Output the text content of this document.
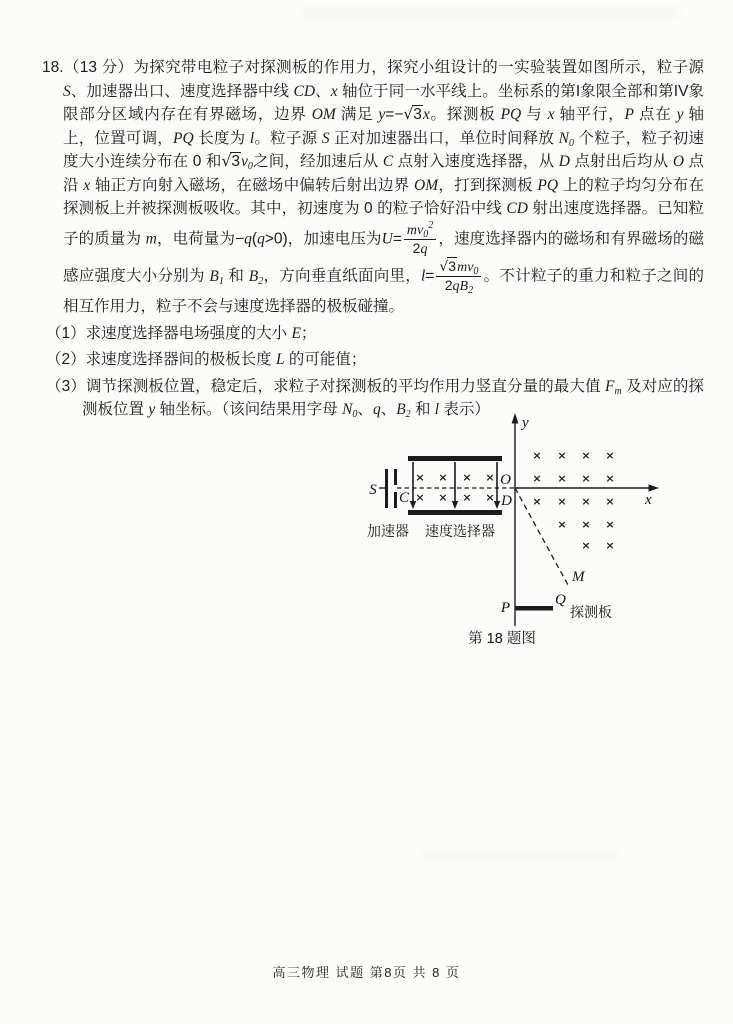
18.（13 分）为探究带电粒子对探测板的作用力，探究小组设计的一实验装置如图所示，粒子源 S、加速器出口、速度选择器中线 CD、x 轴位于同一水平线上。坐标系的第I象限全部和第IV象限部分区域内存在有界磁场，边界 OM 满足 y=−√3x。探测板 PQ 与 x 轴平行，P 点在 y 轴上，位置可调，PQ 长度为 l。粒子源 S 正对加速器出口，单位时间释放 $N_0$ 个粒子，粒子初速度大小连续分布在 0 和$√3v_0$之间，经加速后从 C 点射入速度选择器，从 D 点射出后均从 O 点沿 x 轴正方向射入磁场，在磁场中偏转后射出边界 OM，打到探测板 PQ 上的粒子均匀分布在探测板上并被探测板吸收。其中，初速度为 0 的粒子恰好沿中线 CD 射出速度选择器。已知粒子的质量为 m，电荷量为−q(q>0)，加速电压为$U= \frac{mv_0^2}{2q}$ ，速度选择器内的磁场和有界磁场的磁感应强度大小分别为 $B_1$ 和 $B_2$，方向垂直纸面向里，$l= \frac{√3mv_0}{2qB_2}$ 。不计粒子的重力和粒子之间的相互作用力，粒子不会与速度选择器的极板碰撞。

（1）求速度选择器电场强度的大小 E；

（2）求速度选择器间的极板长度 L 的可能值；

（3）调节探测板位置，稳定后，求粒子对探测板的平均作用力竖直分量的最大值 $F_m$ 及对应的探测板位置 y 轴坐标。（该问结果用字母 $N_0$、q、$B_2$ 和 l 表示）

y
x
O
S
× × × ×
× × × ×
C	D
× × × ×
× × × ×
× × × ×
× × ×
× ×
M
P	Q
探测板
加速器 速度选择器
第 18 题图
高三物理 试题 第8页 共 8 页
